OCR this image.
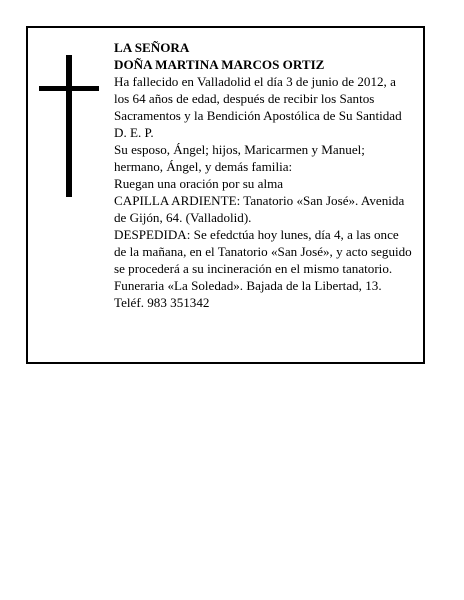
LA SEÑORA
DOÑA MARTINA MARCOS ORTIZ
Ha fallecido en Valladolid el día 3 de junio de 2012, a
los 64 años de edad, después de recibir los Santos
Sacramentos y la Bendición Apostólica de Su Santidad
D. E. P.
Su esposo, Ángel; hijos, Maricarmen y Manuel;
hermano, Ángel, y demás familia:
Ruegan una oración por su alma
CAPILLA ARDIENTE: Tanatorio «San José». Avenida
de Gijón, 64. (Valladolid).
DESPEDIDA: Se efedctúa hoy lunes, día 4, a las once
de la mañana, en el Tanatorio «San José», y acto seguido
se procederá a su incineración en el mismo tanatorio.
Funeraria «La Soledad». Bajada de la Libertad, 13.
Teléf. 983 351342
